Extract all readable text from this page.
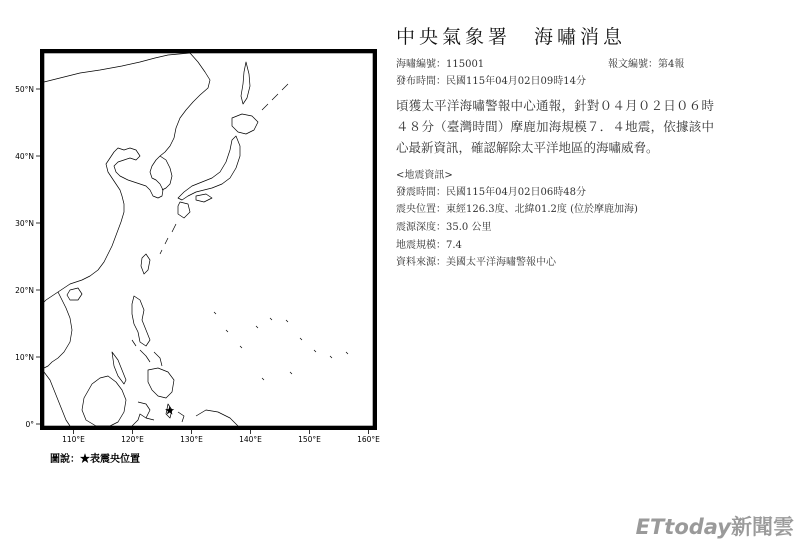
50°N
40°N
30°N
20°N
10°N
0°
110°E	120°E	130°E	140°E	150°E	160°E
★
圖說：★表震央位置
中央氣象署　海嘯消息
海嘯編號：115001	報文編號：第4報
發布時間：民國115年04月02日09時14分
頃獲太平洋海嘯警報中心通報，針對０４月０２日０６時４８分（臺灣時間）摩鹿加海規模７．４地震，依據該中心最新資訊，確認解除太平洋地區的海嘯威脅。
<地震資訊>
發震時間：民國115年04月02日06時48分
震央位置：東經126.3度、北緯01.2度 (位於摩鹿加海)
震源深度：35.0 公里
地震規模：7.4
資料來源：美國太平洋海嘯警報中心
ETtoday新聞雲
